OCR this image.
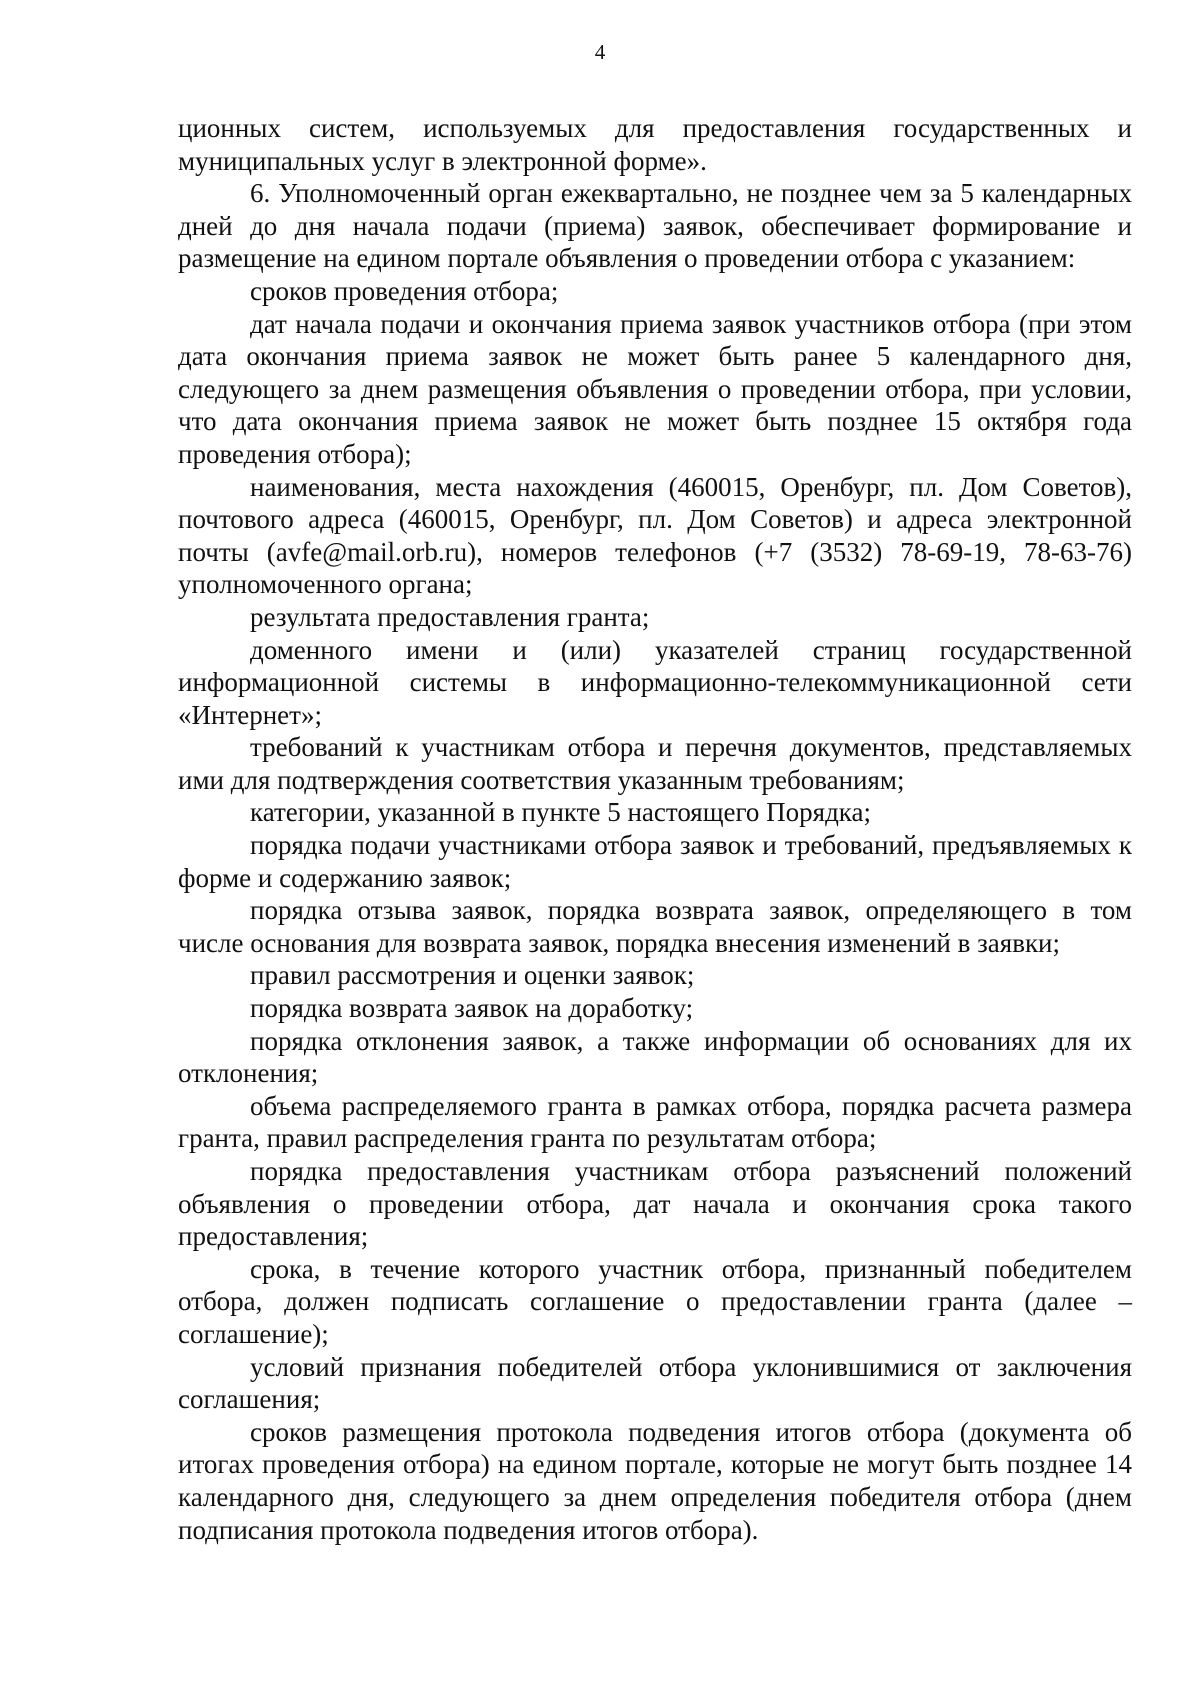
4

ционных систем, используемых для предоставления государственных и муниципальных услуг в электронной форме».

6. Уполномоченный орган ежеквартально, не позднее чем за 5 календарных дней до дня начала подачи (приема) заявок, обеспечивает формирование и размещение на едином портале объявления о проведении отбора с указанием:

сроков проведения отбора;

дат начала подачи и окончания приема заявок участников отбора (при этом дата окончания приема заявок не может быть ранее 5 календарного дня, следующего за днем размещения объявления о проведении отбора, при условии, что дата окончания приема заявок не может быть позднее 15 октября года проведения отбора);

наименования, места нахождения (460015, Оренбург, пл. Дом Советов), почтового адреса (460015, Оренбург, пл. Дом Советов) и адреса электронной почты (avfe@mail.orb.ru), номеров телефонов (+7 (3532) 78-69-19, 78-63-76) уполномоченного органа;

результата предоставления гранта;

доменного имени и (или) указателей страниц государственной информационной системы в информационно-телекоммуникационной сети «Интернет»;

требований к участникам отбора и перечня документов, представляемых ими для подтверждения соответствия указанным требованиям;

категории, указанной в пункте 5 настоящего Порядка;

порядка подачи участниками отбора заявок и требований, предъявляемых к форме и содержанию заявок;

порядка отзыва заявок, порядка возврата заявок, определяющего в том числе основания для возврата заявок, порядка внесения изменений в заявки;

правил рассмотрения и оценки заявок;

порядка возврата заявок на доработку;

порядка отклонения заявок, а также информации об основаниях для их отклонения;

объема распределяемого гранта в рамках отбора, порядка расчета размера гранта, правил распределения гранта по результатам отбора;

порядка предоставления участникам отбора разъяснений положений объявления о проведении отбора, дат начала и окончания срока такого предоставления;

срока, в течение которого участник отбора, признанный победителем отбора, должен подписать соглашение о предоставлении гранта (далее – соглашение);

условий признания победителей отбора уклонившимися от заключения соглашения;

сроков размещения протокола подведения итогов отбора (документа об итогах проведения отбора) на едином портале, которые не могут быть позднее 14 календарного дня, следующего за днем определения победителя отбора (днем подписания протокола подведения итогов отбора).
